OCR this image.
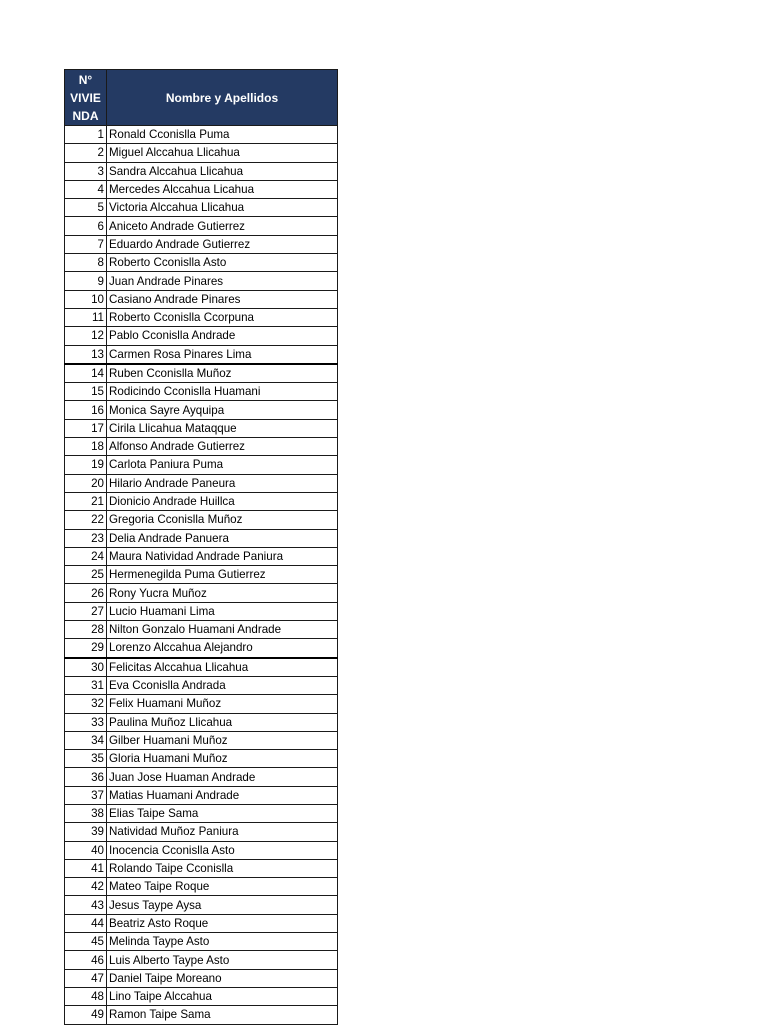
N°
VIVIE
NDA	Nombre y Apellidos
1	Ronald Cconislla Puma
2	Miguel Alccahua Llicahua
3	Sandra Alccahua Llicahua
4	Mercedes Alccahua Licahua
5	Victoria Alccahua Llicahua
6	Aniceto Andrade Gutierrez
7	Eduardo Andrade Gutierrez
8	Roberto Cconislla Asto
9	Juan Andrade Pinares
10	Casiano Andrade Pinares
11	Roberto Cconislla Ccorpuna
12	Pablo Cconislla Andrade
13	Carmen Rosa Pinares Lima
14	Ruben Cconislla Muñoz
15	Rodicindo Cconislla Huamani
16	Monica Sayre Ayquipa
17	Cirila Llicahua Mataqque
18	Alfonso Andrade Gutierrez
19	Carlota Paniura Puma
20	Hilario Andrade Paneura
21	Dionicio Andrade Huillca
22	Gregoria Cconislla Muñoz
23	Delia Andrade Panuera
24	Maura Natividad Andrade Paniura
25	Hermenegilda Puma Gutierrez
26	Rony Yucra Muñoz
27	Lucio Huamani Lima
28	Nilton Gonzalo Huamani Andrade
29	Lorenzo Alccahua Alejandro
30	Felicitas Alccahua Llicahua
31	Eva Cconislla Andrada
32	Felix Huamani Muñoz
33	Paulina Muñoz Llicahua
34	Gilber Huamani Muñoz
35	Gloria Huamani Muñoz
36	Juan Jose Huaman Andrade
37	Matias Huamani Andrade
38	Elias Taipe Sama
39	Natividad Muñoz Paniura
40	Inocencia Cconislla Asto
41	Rolando Taipe Cconislla
42	Mateo Taipe Roque
43	Jesus Taype Aysa
44	Beatriz Asto Roque
45	Melinda Taype Asto
46	Luis Alberto Taype Asto
47	Daniel Taipe Moreano
48	Lino Taipe Alccahua
49	Ramon Taipe Sama
